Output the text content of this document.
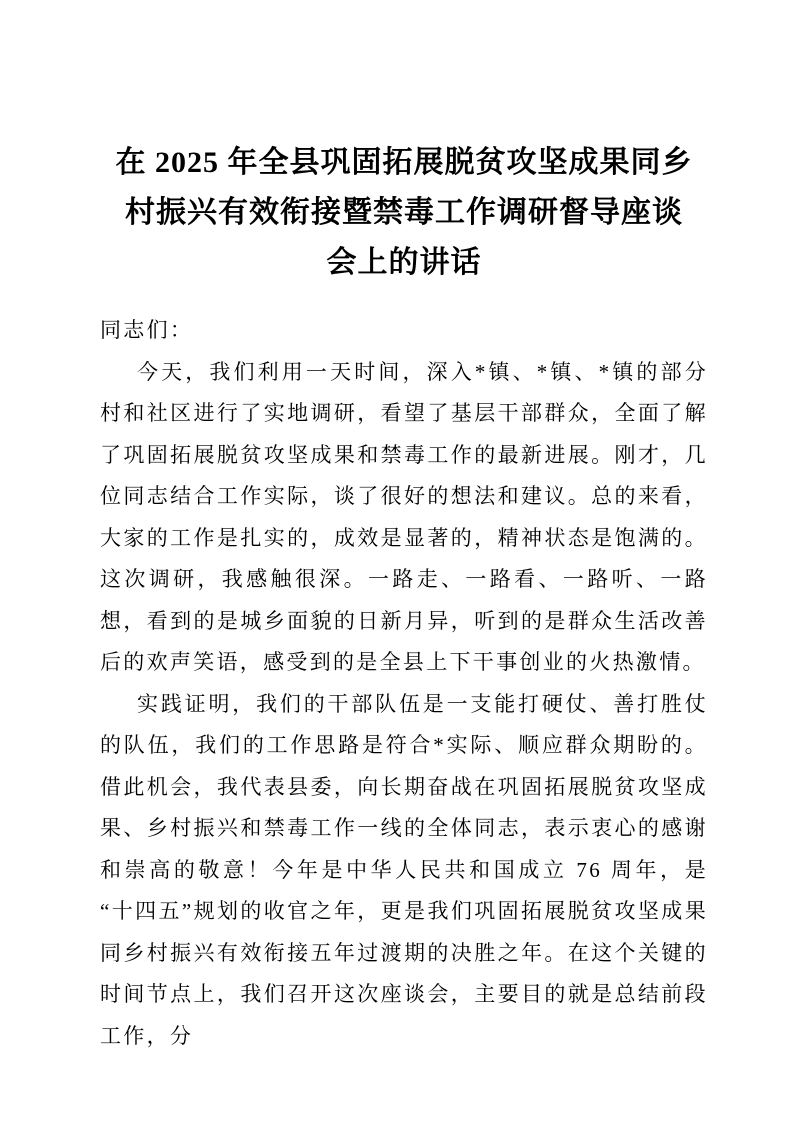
在 2025 年全县巩固拓展脱贫攻坚成果同乡
村振兴有效衔接暨禁毒工作调研督导座谈
会上的讲话

同志们：

今天，我们利用一天时间，深入*镇、*镇、*镇的部分村和社区进行了实地调研，看望了基层干部群众，全面了解了巩固拓展脱贫攻坚成果和禁毒工作的最新进展。刚才，几位同志结合工作实际，谈了很好的想法和建议。总的来看，大家的工作是扎实的，成效是显著的，精神状态是饱满的。这次调研，我感触很深。一路走、一路看、一路听、一路想，看到的是城乡面貌的日新月异，听到的是群众生活改善后的欢声笑语，感受到的是全县上下干事创业的火热激情。

实践证明，我们的干部队伍是一支能打硬仗、善打胜仗的队伍，我们的工作思路是符合*实际、顺应群众期盼的。借此机会，我代表县委，向长期奋战在巩固拓展脱贫攻坚成果、乡村振兴和禁毒工作一线的全体同志，表示衷心的感谢和崇高的敬意！今年是中华人民共和国成立 76 周年，是“十四五”规划的收官之年，更是我们巩固拓展脱贫攻坚成果同乡村振兴有效衔接五年过渡期的决胜之年。在这个关键的时间节点上，我们召开这次座谈会，主要目的就是总结前段工作，分
